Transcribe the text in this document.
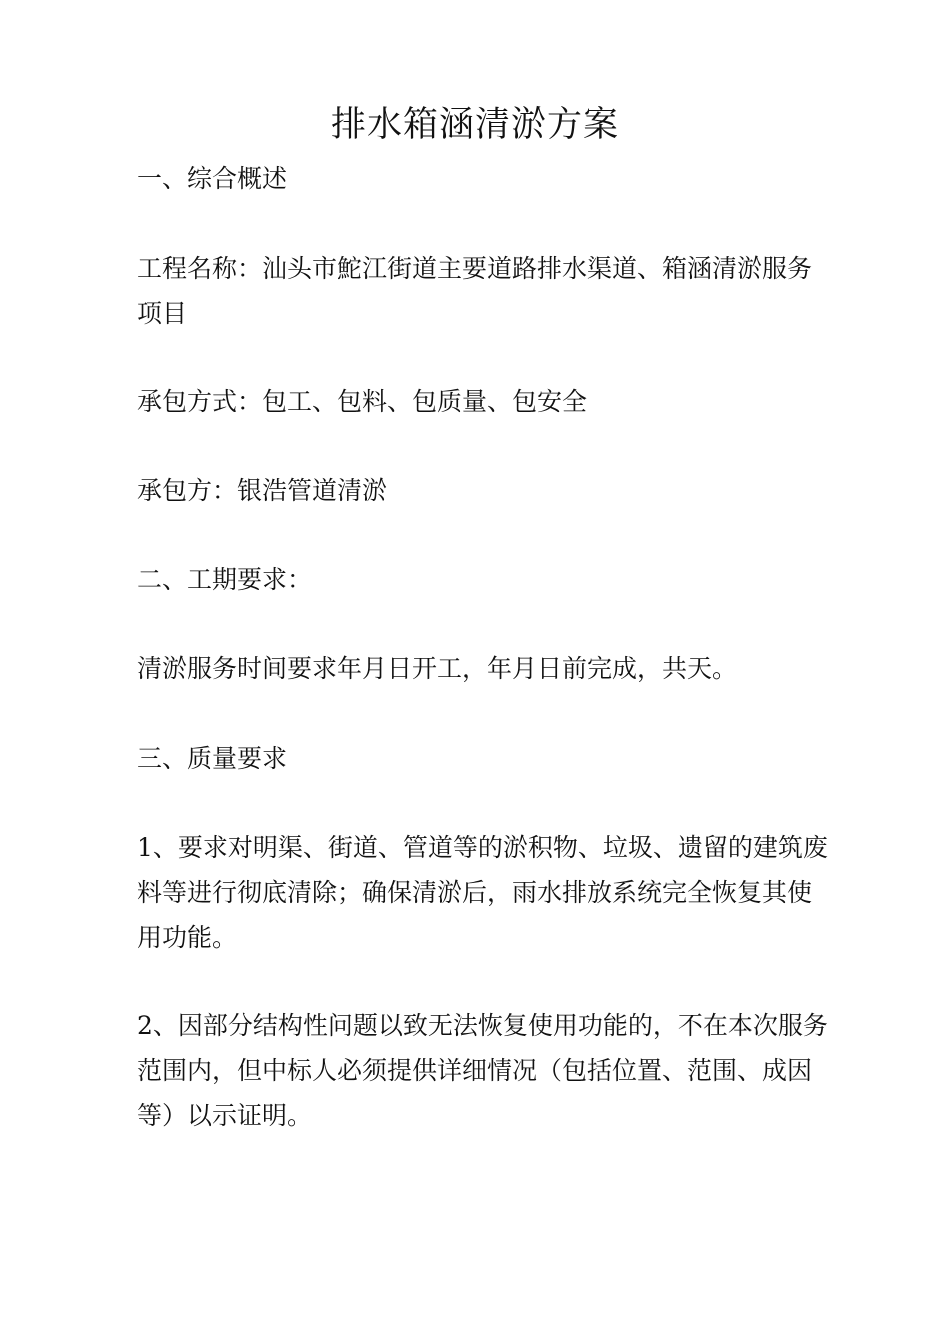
排水箱涵清淤方案

一、综合概述

工程名称：汕头市鮀江街道主要道路排水渠道、箱涵清淤服务项目

承包方式：包工、包料、包质量、包安全

承包方：银浩管道清淤

二、工期要求：

清淤服务时间要求年月日开工，年月日前完成，共天。

三、质量要求

1、要求对明渠、街道、管道等的淤积物、垃圾、遗留的建筑废料等进行彻底清除；确保清淤后，雨水排放系统完全恢复其使用功能。

2、因部分结构性问题以致无法恢复使用功能的，不在本次服务范围内，但中标人必须提供详细情况（包括位置、范围、成因等）以示证明。
